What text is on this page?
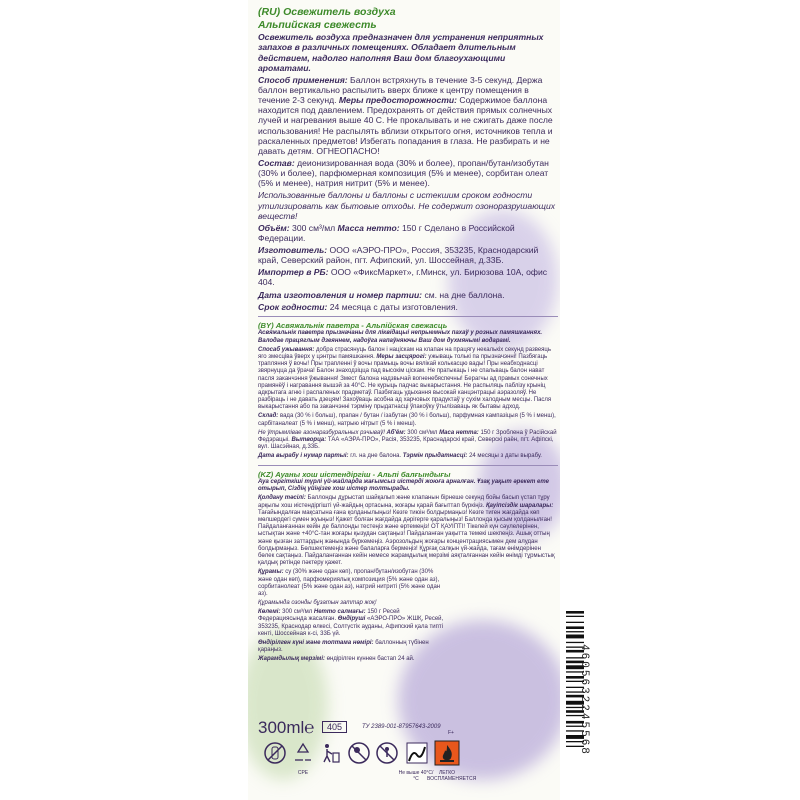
(RU) Освежитель воздуха
Альпийская свежесть

Освежитель воздуха предназначен для устранения неприятных запахов в различных помещениях. Обладает длительным действием, надолго наполняя Ваш дом благоухающими ароматами.

Способ применения: Баллон встряхнуть в течение 3-5 секунд. Держа баллон вертикально распылить вверх ближе к центру помещения в течение 2-3 секунд. Меры предосторожности: Содержимое баллона находится под давлением. Предохранять от действия прямых солнечных лучей и нагревания выше 40 С. Не прокалывать и не сжигать даже после использования! Не распылять вблизи открытого огня, источников тепла и раскаленных предметов! Избегать попадания в глаза. Не разбирать и не давать детям. ОГНЕОПАСНО!

Состав: деионизированная вода (30% и более), пропан/бутан/изобутан (30% и более), парфюмерная композиция (5% и менее), сорбитан олеат (5% и менее), натрия нитрит (5% и менее).

Использованные баллоны и баллоны с истекшим сроком годности утилизировать как бытовые отходы. Не содержит озоноразрушающих веществ!

Объём: 300 см³/мл Масса нетто: 150 г Сделано в Российской Федерации.

Изготовитель: ООО «АЭРО-ПРО», Россия, 353235, Краснодарский край, Северский район, пгт. Афипский, ул. Шоссейная, д.33Б.

Импортер в РБ: ООО «ФиксМаркет», г.Минск, ул. Бирюзова 10А, офис 404.

Дата изготовления и номер партии: см. на дне баллона.

Срок годности: 24 месяца с даты изготовления.

(BY) Асвяжальнік паветра - Альпійская свежасць

Асвяжальнік паветра прызначаны для ліквідацыі непрыемных пахаў у розных памяшканнях. Валодае працяглым дзеяннем, надоўга напаўняючы Ваш дом духмянымі водарамі.

Спосаб ужывання: добра страсянуць балон і націскам на клапан на працягу некалькіх секунд развеяць яго змесціва ўверх у цэнтры памяшкання. Меры засцярогі: ужываць толькі па прызначэнні! Пазбягаць трапляння ў вочы! Пры трапленні ў вочы прамыць вочы вялікай колькасцю вады! Пры неабходнасці звярнуцца да ўрача! Балон знаходзіцца пад высокім ціскам. Не пратыкаць і не спальваць балон нават пасля заканчэння ўжывання! Змест балона надзвычай вогненебяспечны! Берагчы ад прамых сонечных прамянёў і награвання вышэй за 40°С. Не курыць падчас выкарыстання. Не распыляць паблізу крыніц адкрытага агню і распаленых прадметаў. Пазбягаць удыхання высокай канцэнтрацыі аэразоляў. Не разбіраць і не давать дзецям! Захоўваць асобна ад харчовых прадуктаў у сухім халодным месцы. Пасля выкарыстання або па заканчэнні тэрміну прыдатнасці ўпакоўку ўтылізаваць як бытавы адход.

Склад: вада (30 % і больш), прапан / бутан / ізабутан (30 % і больш), парфумная кампазіцыя (5 % і менш), сарбітаналеат (5 % і менш), натрыю нітрыт (5 % і менш).

Не ўтрымлівае азонаразбуральных рэчываў! Аб'ём: 300 см³/мл Маса нетта: 150 г Зроблена ў Расійскай Федэрацыі. Вытворца: ТАА «АЭРА-ПРО», Расія, 353235, Краснадарскі край, Северскі раён, пгт. Афіпскі, вул. Шасэйная, д.33Б.

Дата вырабу і нумар партыі: гл. на дне балона. Тэрмін прыдатнасці: 24 месяцы з даты вырабу.

(KZ) Ауаны хош иістендіргіш - Альпі балғындығы

Ауа сергіткіші түрлі үй-жайларда жағымсыз иістерді жоюға арналған. Ұзақ уақыт әрекет ете отырып, Сіздің үйіңізге хош иістер толтырады.

Қолдану тәсілі: Баллонды дұрыстап шайқалып және клапанын бірнеше секунд бойы басып үстап тұру арқылы хош иістендіргішті үй-жайдың ортасына, жоғары қарай бағыттап бүркіңіз. Қауіпсіздік шаралары: Тағайындалған мақсатына ғана қолданылыңыз! Көзге тиюін болдырмаңыз! Көзге тиген жағдайда көп мөлшердегі сумен жуыңыз! Қажет болған жағдайда дәрігерге қаралыңыз! Баллонда қысым қолданылған! Пайдаланғаннан кейін де баллонды тестеңіз және өртемеңіз! ОТ ҚАУІПТІ! Тікелей күн сәулелерінен, ыстықтан және +40°С-тан жоғары қызудан сақтаңыз! Пайдаланған уақытта темекі шекпеңіз. Ашық оттың және қызған заттардың жанында бүркемеңіз. Аэрозольдың жоғары концентрациясымен дем алудан болдырмаңыз. Бөлшектемеңіз және балаларға бермеңіз! Құрғақ салқын үй-жайда, тағам өнімдерінен бөлек сақтаңыз. Пайдаланғаннан кейін немесе жарамдылық мерзімі аяқталғаннан кейін өнімді тұрмыстық қалдық ретінде пәктеру қажет.

Құрамы: су (30% және одан көп), пропан/бутан/изобутан (30% және одан көп), парфюмериялық композиция (5% және одан аз), сорбитанолеат (5% және одан аз), натрий нитриті (5% және одан аз).

Құрамында озонды бұзатын заттар жоқ!

Көлемі: 300 см³/мл Нетто салмағы: 150 г Ресей Федерациясында жасалған. Өндіруші «АЭРО-ПРО» ЖШҚ, Ресей, 353235, Краснодар өлкесі, Солтүстік ауданы, Афипский қала типті кенті, Шоссейная к-сі, 33Б үй.

Өндірілген күні және топтама нөмірі: баллонның түбінен қараңыз.

Жарамдылық мерзімі: өндірілген күннен бастап 24 ай.

300ml℮	405	ТУ 2389-001-87957643-2009
CPE	Не выше 40°С/°C
F+
ЛЕГКО ВОСПЛАМЕНЯЕТСЯ
4605632245568
